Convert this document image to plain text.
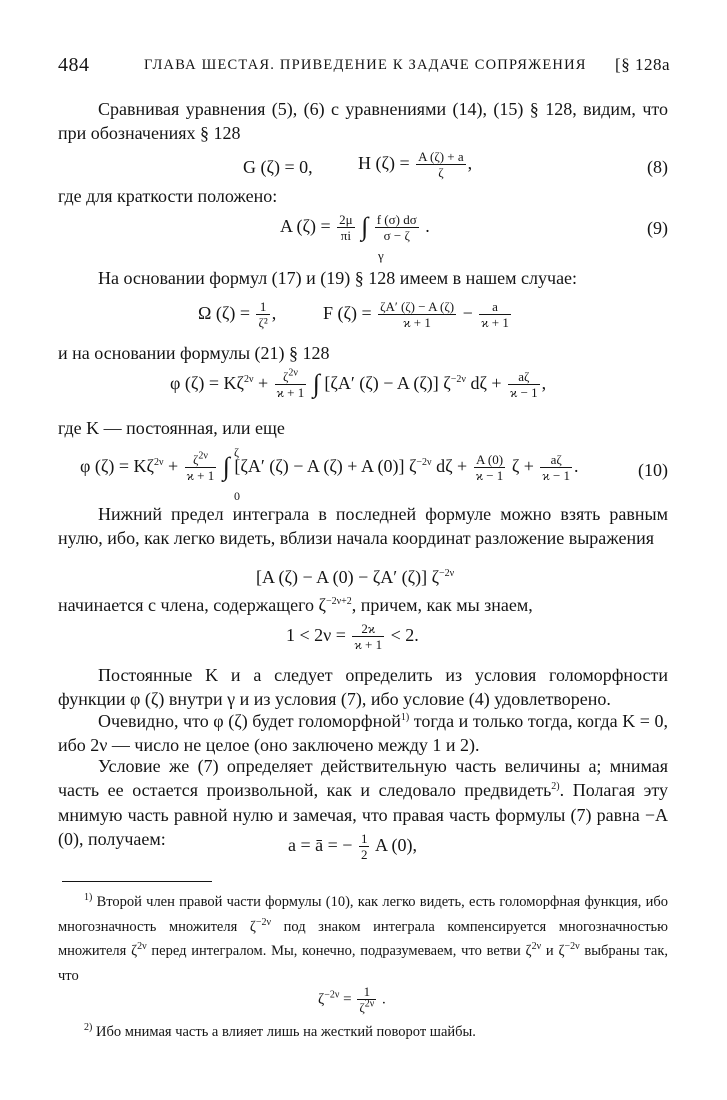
484	ГЛАВА ШЕСТАЯ. ПРИВЕДЕНИЕ К ЗАДАЧЕ СОПРЯЖЕНИЯ [§ 128a

Сравнивая уравнения (5), (6) с уравнениями (14), (15) § 128, видим, что при обозначениях § 128

G (ζ) = 0,	H $(\zeta) = \frac{A (\zeta) + a}{\zeta}$ ,	(8)

где для краткости положено:

A $(\zeta) = \frac{2\mu}{\pi i}$ ∫ $\frac{f (\sigma) d\sigma}{\sigma - \zeta}$ .
γ
(9)

На основании формул (17) и (19) § 128 имеем в нашем случае:

Ω $(\zeta) = \frac{1}{\text{ζ²}}$ ,	F $(\zeta) = \frac{\zeta A' (\zeta) - A (\zeta)}{ϰ + 1} - \frac{a}{ϰ + 1}$

и на основании формулы (21) § 128

φ $(\zeta) = K\zeta^{2\nu} + \frac{\zeta^{2\nu}}{ϰ + 1}$ ∫ [ζA′ (ζ) − A (ζ)] $\zeta^{-2\nu}$ $d\zeta + \frac{a\zeta}{ϰ - 1}$ ,

где K — постоянная, или еще

φ $(\zeta) = K\zeta^{2\nu} + \frac{\zeta^{2\nu}}{ϰ + 1}$ ∫ [ζA′ (ζ) − A (ζ) + A (0)] $\zeta^{-2\nu}$ $d\zeta + \frac{A (0)}{ϰ - 1}$ $\zeta + \frac{a\zeta}{ϰ - 1}$ .
ζ
0
(10)

Нижний предел интеграла в последней формуле можно взять равным нулю, ибо, как легко видеть, вблизи начала координат разложение выражения

[A (ζ) − A (0) − ζA′ (ζ)] $\zeta^{-2\nu}$

начинается с члена, содержащего $\zeta^{-2\nu+2}$, причем, как мы знаем,

$1 < 2\nu = \frac{2ϰ}{ϰ + 1} < 2$.

Постоянные K и a следует определить из условия голоморфности функции φ (ζ) внутри γ и из условия (7), ибо условие (4) удовлетворено.

Очевидно, что φ (ζ) будет голоморфной$^{1)}$ тогда и только тогда, когда K = 0, ибо 2ν — число не целое (оно заключено между 1 и 2).

Условие же (7) определяет действительную часть величины a; мнимая часть ее остается произвольной, как и следовало предвидеть$^{2)}$. Полагая эту мнимую часть равной нулю и замечая, что правая часть формулы (7) равна −A (0), получаем:	a = ā = − $\frac{1}{2}$ A (0),

$^{1)}$ Второй член правой части формулы (10), как легко видеть, есть голоморфная функция, ибо многозначность множителя $\zeta^{-2\nu}$ под знаком интеграла компенсируется многозначностью множителя $\zeta^{2\nu}$ перед интегралом. Мы, конечно, подразумеваем, что ветви $\zeta^{2\nu}$ и $\zeta^{-2\nu}$ выбраны так, что

$\zeta^{-2\nu} = \frac{1}{\zeta^{2\nu}}$ .

$^{2)}$ Ибо мнимая часть a влияет лишь на жесткий поворот шайбы.
